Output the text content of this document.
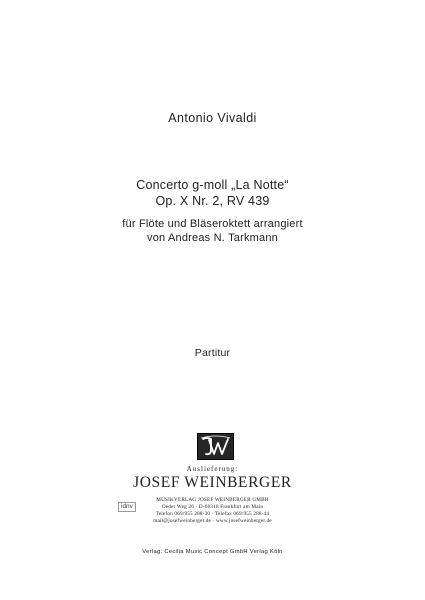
Antonio Vivaldi
Concerto g-moll „La Notte“
Op. X Nr. 2, RV 439
für Flöte und Bläseroktett arrangiert
von Andreas N. Tarkmann
Partitur
Auslieferung:
JOSEF WEINBERGER
MUSIKVERLAG JOSEF WEINBERGER GMBH
Oeder Weg 26 · D-60318 Frankfurt am Main
Telefon 069/955 288-30 · Telefax 069/955 288-44
mail@josefweinberger.de · www.josefweinberger.de
idnv
Verlag: Cecilia Music Concept GmbH Verlag Köln
